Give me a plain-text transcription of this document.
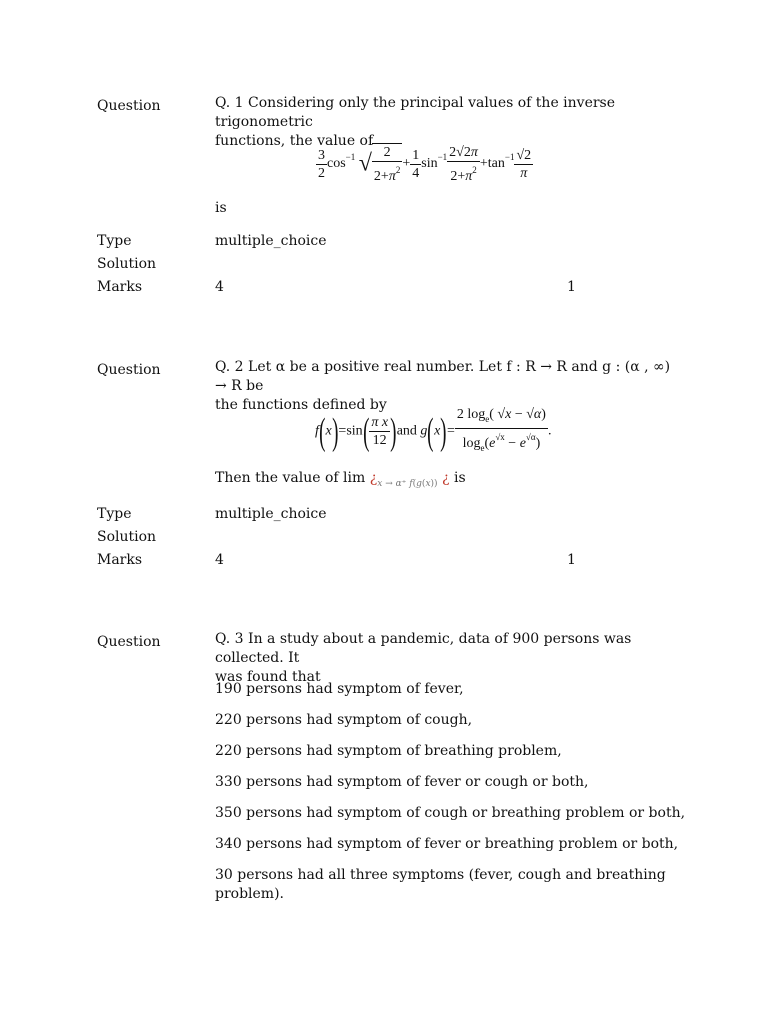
Question	Q. 1 Considering only the principal values of the inverse trigonometric
functions, the value of
$\frac{3}{2} \cos^{-1}$ √ $\frac{2}{2+\pi^2} + \frac{1}{4} \sin^{-1} \frac{2√2\pi}{2+\pi^2} +\tan^{-1} \frac{√2}{\pi}$
is
Type	multiple_choice
Solution
Marks	4	1
Question	Q. 2 Let α be a positive real number. Let f : R → R and g : (α , ∞) → R be
the functions defined by
$f(x)=\sin( \frac{\text{π x}}{12} )and$ $g(x)= \frac{2 \log_e( √x - √\alpha)}{\log_e(e^{√x} - e^{√\alpha})}$ .
Then the value of $\lim ¿_{x \to \alpha^+ f(g(x))}$ ¿ is
Type	multiple_choice
Solution
Marks	4	1
Question	Q. 3 In a study about a pandemic, data of 900 persons was collected. It
was found that
190 persons had symptom of fever,
220 persons had symptom of cough,
220 persons had symptom of breathing problem,
330 persons had symptom of fever or cough or both,
350 persons had symptom of cough or breathing problem or both,
340 persons had symptom of fever or breathing problem or both,
30 persons had all three symptoms (fever, cough and breathing
problem).
